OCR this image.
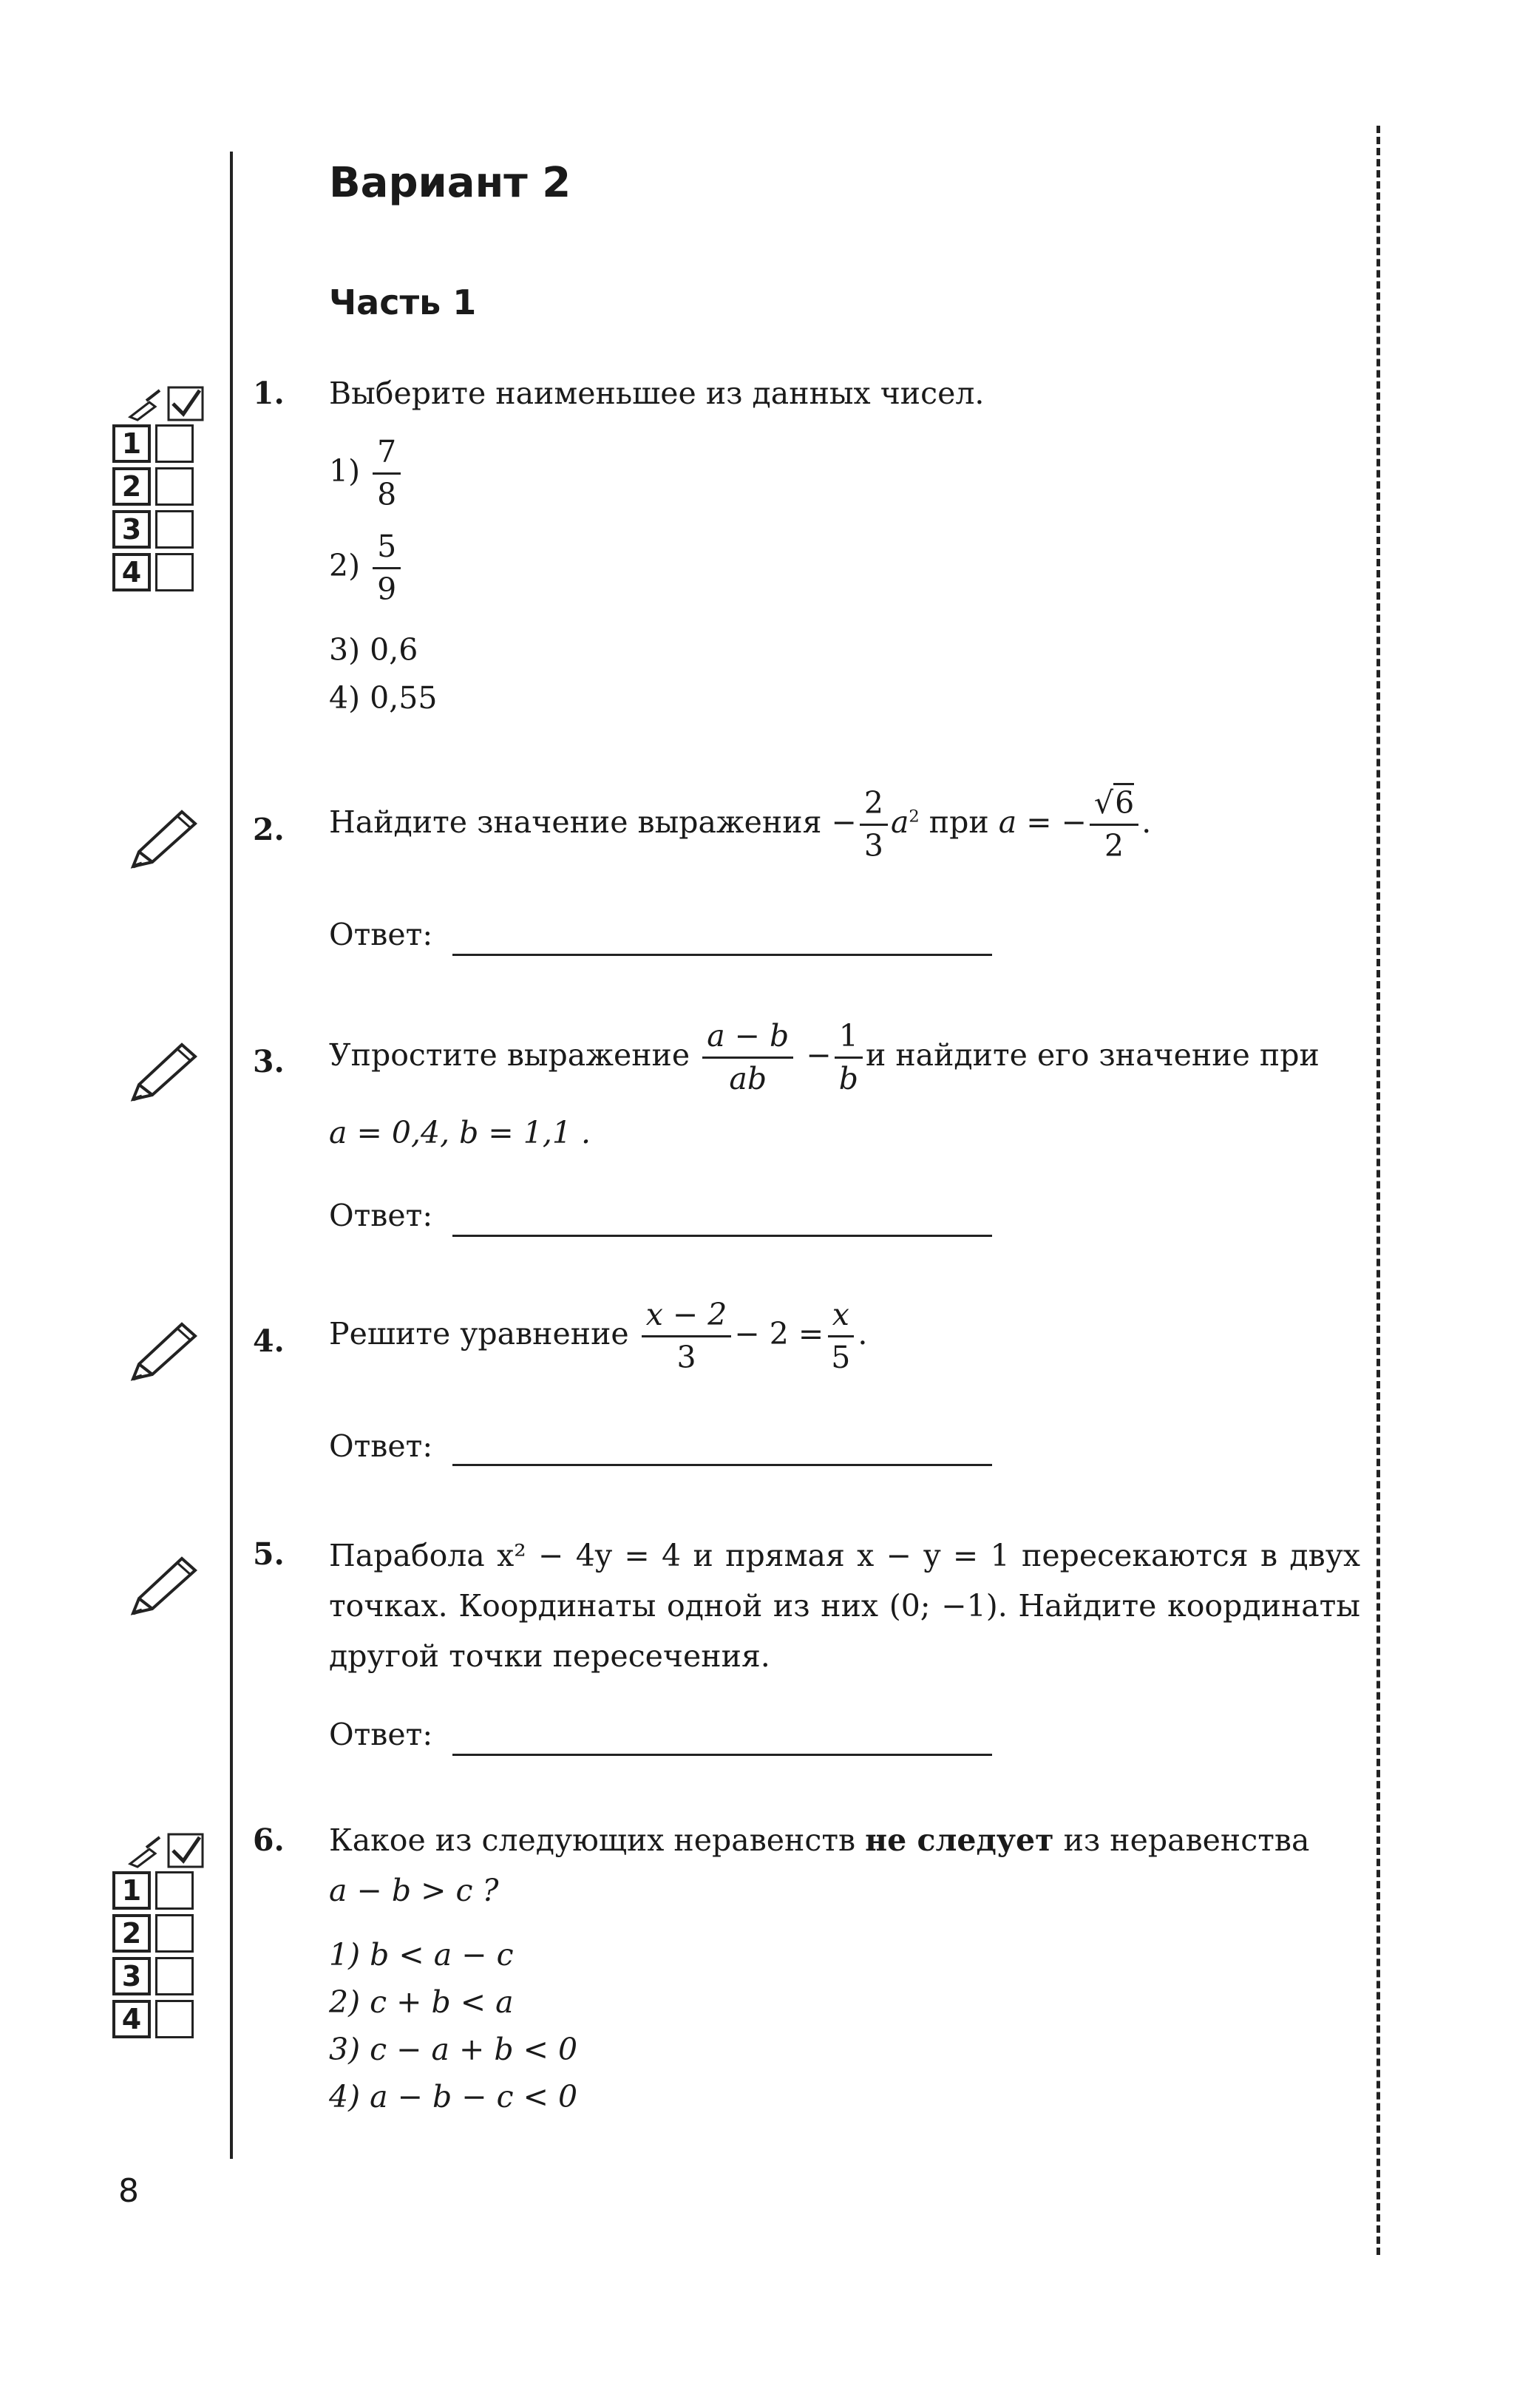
Вариант 2
Часть 1
1
2
3
4
1. Выберите наименьшее из данных чисел.
$1) \frac{7}{8}$
$2) \frac{5}{9}$
3) 0,6
4) 0,55
2. Найдите значение выражения − $\frac{2}{3} a^2$ при a = − $\frac{√6}{2}$ .
Ответ:
3. Упростите выражение $\frac{a - b}{ab} - \frac{1}{b}$ и найдите его значение при
a = 0,4, b = 1,1 .
Ответ:
4. Решите уравнение $\frac{x - 2}{3} - 2 = \frac{x}{5}$ .
Ответ:
5. Парабола x² − 4y = 4 и прямая x − y = 1 пересекаются в двух точках. Координаты одной из них (0; −1). Найдите координаты другой точки пересечения.
Ответ:
1
2
3
4
6. Какое из следующих неравенств не следует из неравенства
a − b > c ?
1) b < a − c
2) c + b < a
3) c − a + b < 0
4) a − b − c < 0
8
